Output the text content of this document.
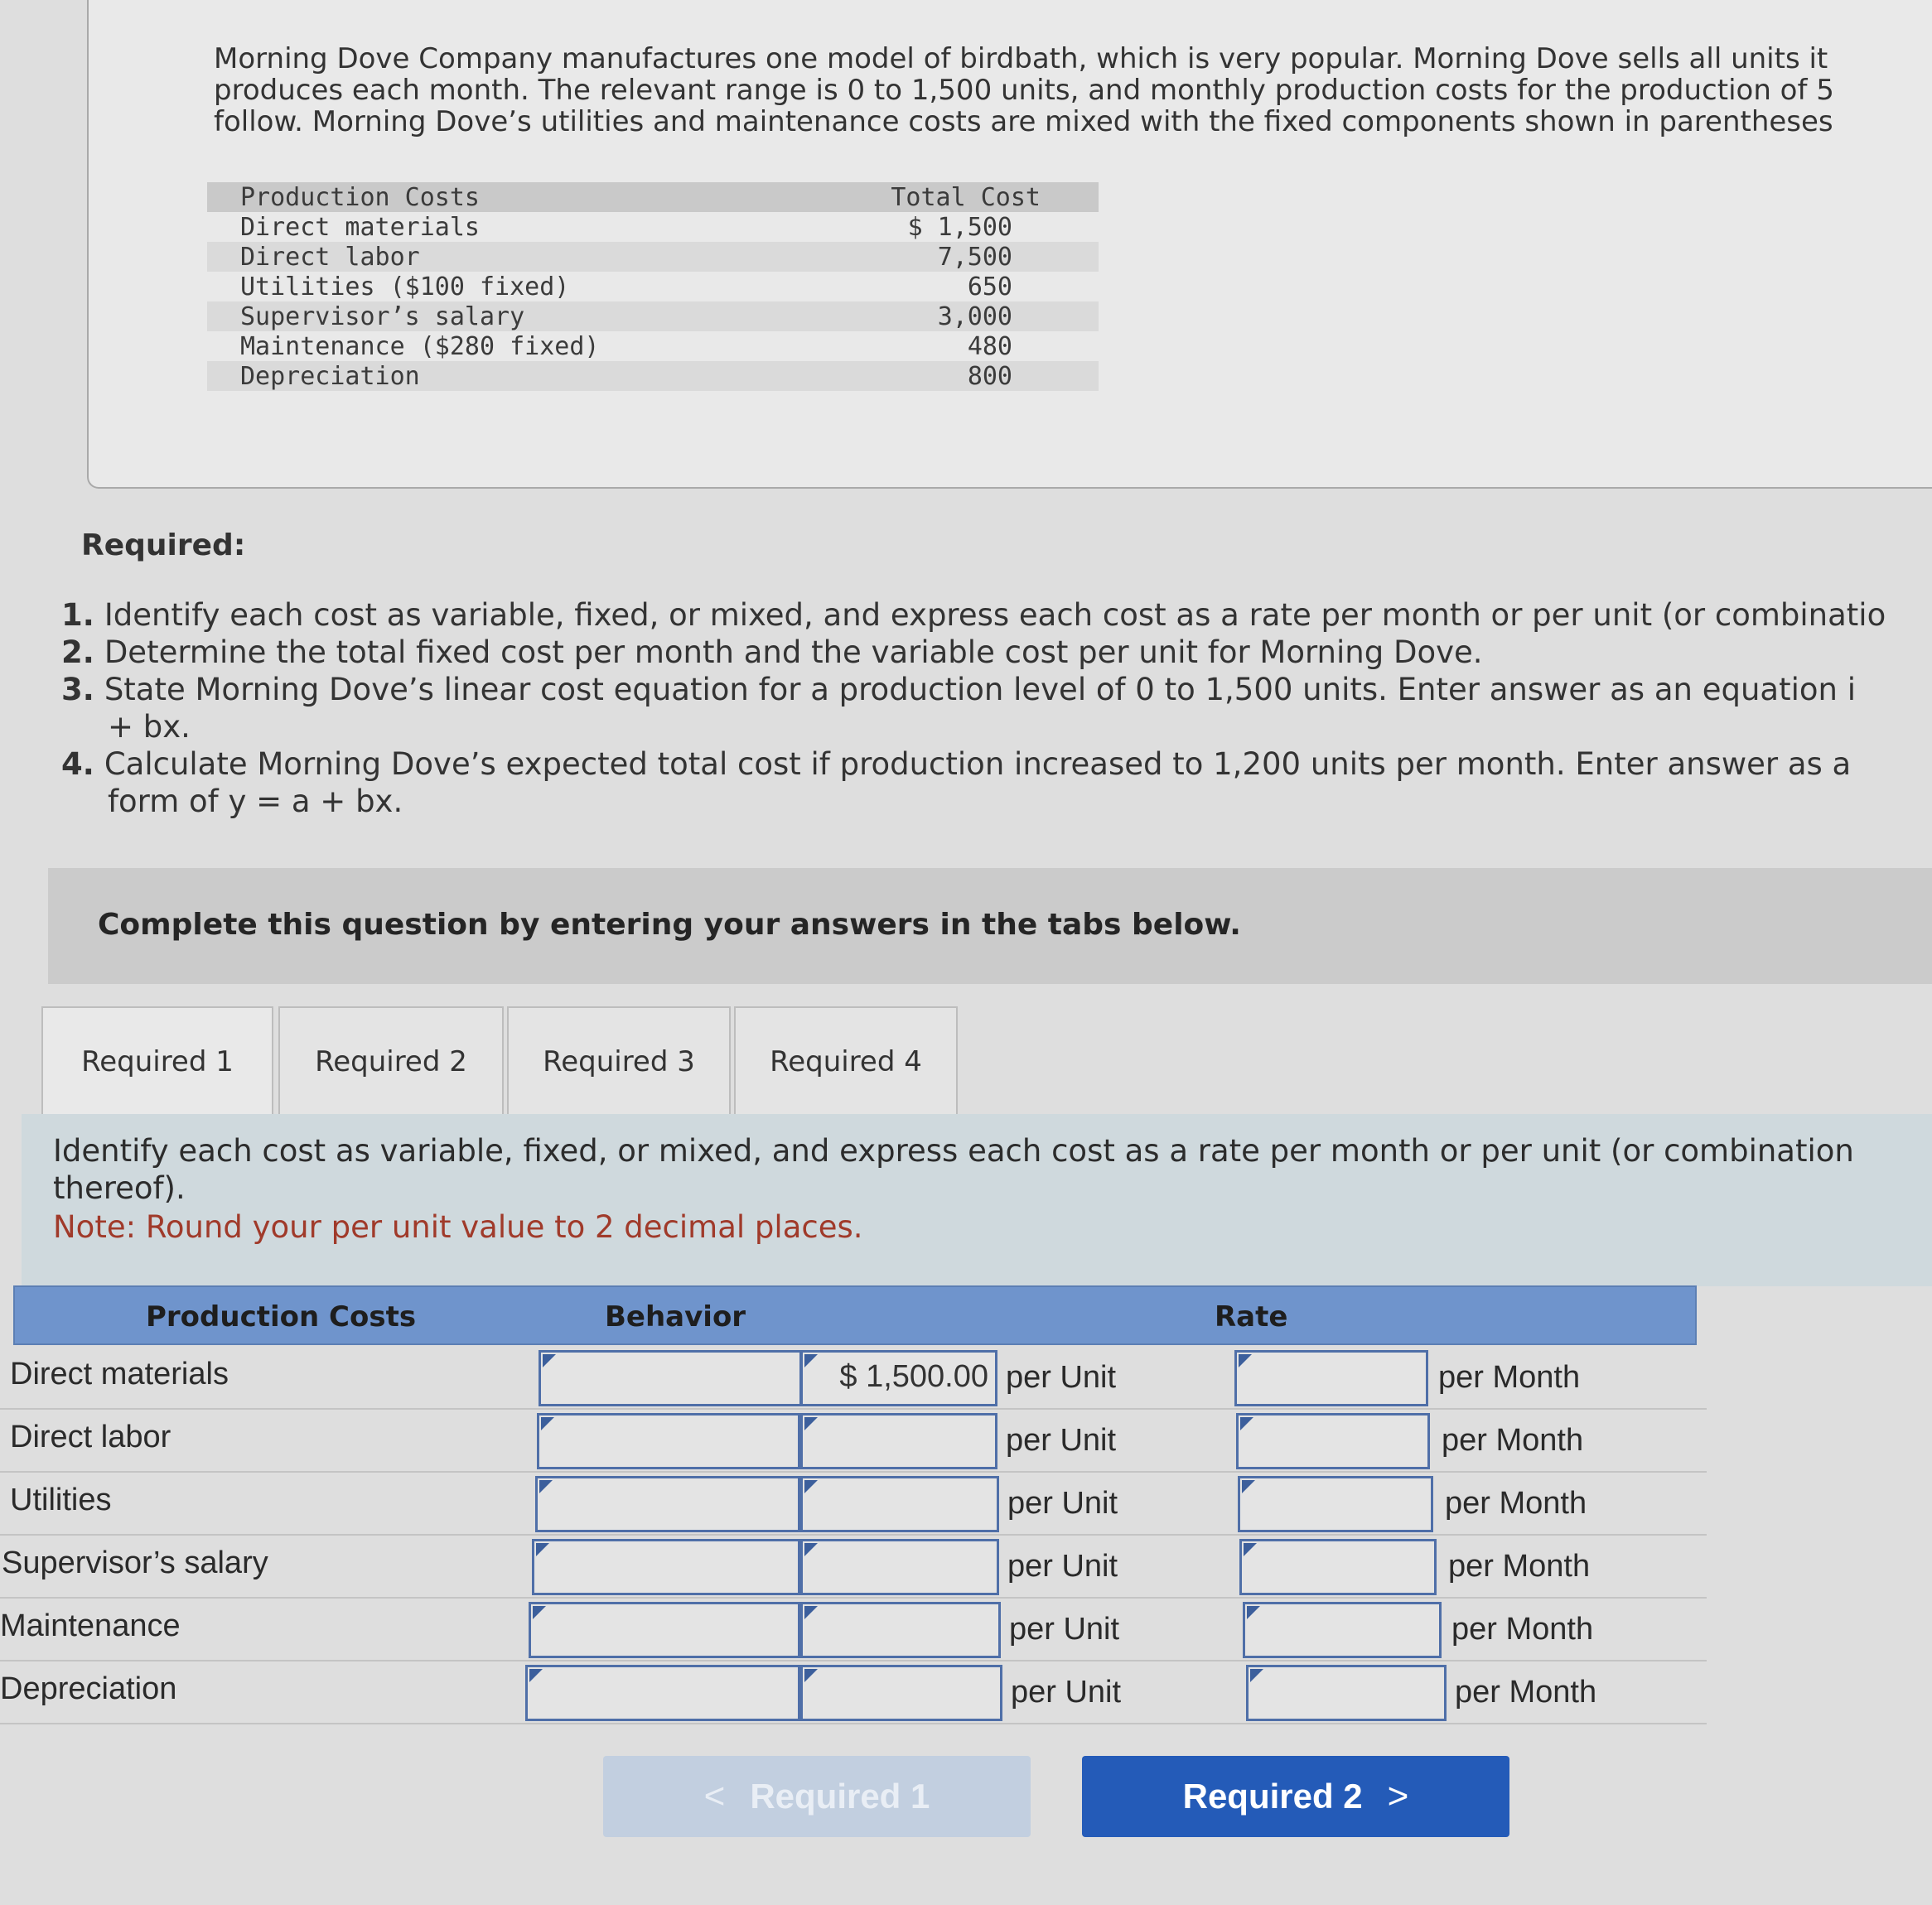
Morning Dove Company manufactures one model of birdbath, which is very popular. Morning Dove sells all units it
produces each month. The relevant range is 0 to 1,500 units, and monthly production costs for the production of 5
follow. Morning Dove’s utilities and maintenance costs are mixed with the fixed components shown in parentheses

Production Costs	Total Cost
Direct materials	$ 1,500
Direct labor	7,500
Utilities ($100 fixed)	650
Supervisor’s salary	3,000
Maintenance ($280 fixed)	480
Depreciation	800
Required:
1. Identify each cost as variable, fixed, or mixed, and express each cost as a rate per month or per unit (or combinatio
2. Determine the total fixed cost per month and the variable cost per unit for Morning Dove.
3. State Morning Dove’s linear cost equation for a production level of 0 to 1,500 units. Enter answer as an equation i
+ bx.
4. Calculate Morning Dove’s expected total cost if production increased to 1,200 units per month. Enter answer as a
form of y = a + bx.
Complete this question by entering your answers in the tabs below.
Required 1	Required 2	Required 3	Required 4
Identify each cost as variable, fixed, or mixed, and express each cost as a rate per month or per unit (or combination thereof).
Note: Round your per unit value to 2 decimal places.
Production Costs	Behavior	Rate
Direct materials	$ 1,500.00 per Unit	per Month
Direct labor	per Unit	per Month
Utilities	per Unit	per Month
Supervisor’s salary	per Unit	per Month
Maintenance	per Unit	per Month
Depreciation	per Unit	per Month
< Required 1	Required 2 >
